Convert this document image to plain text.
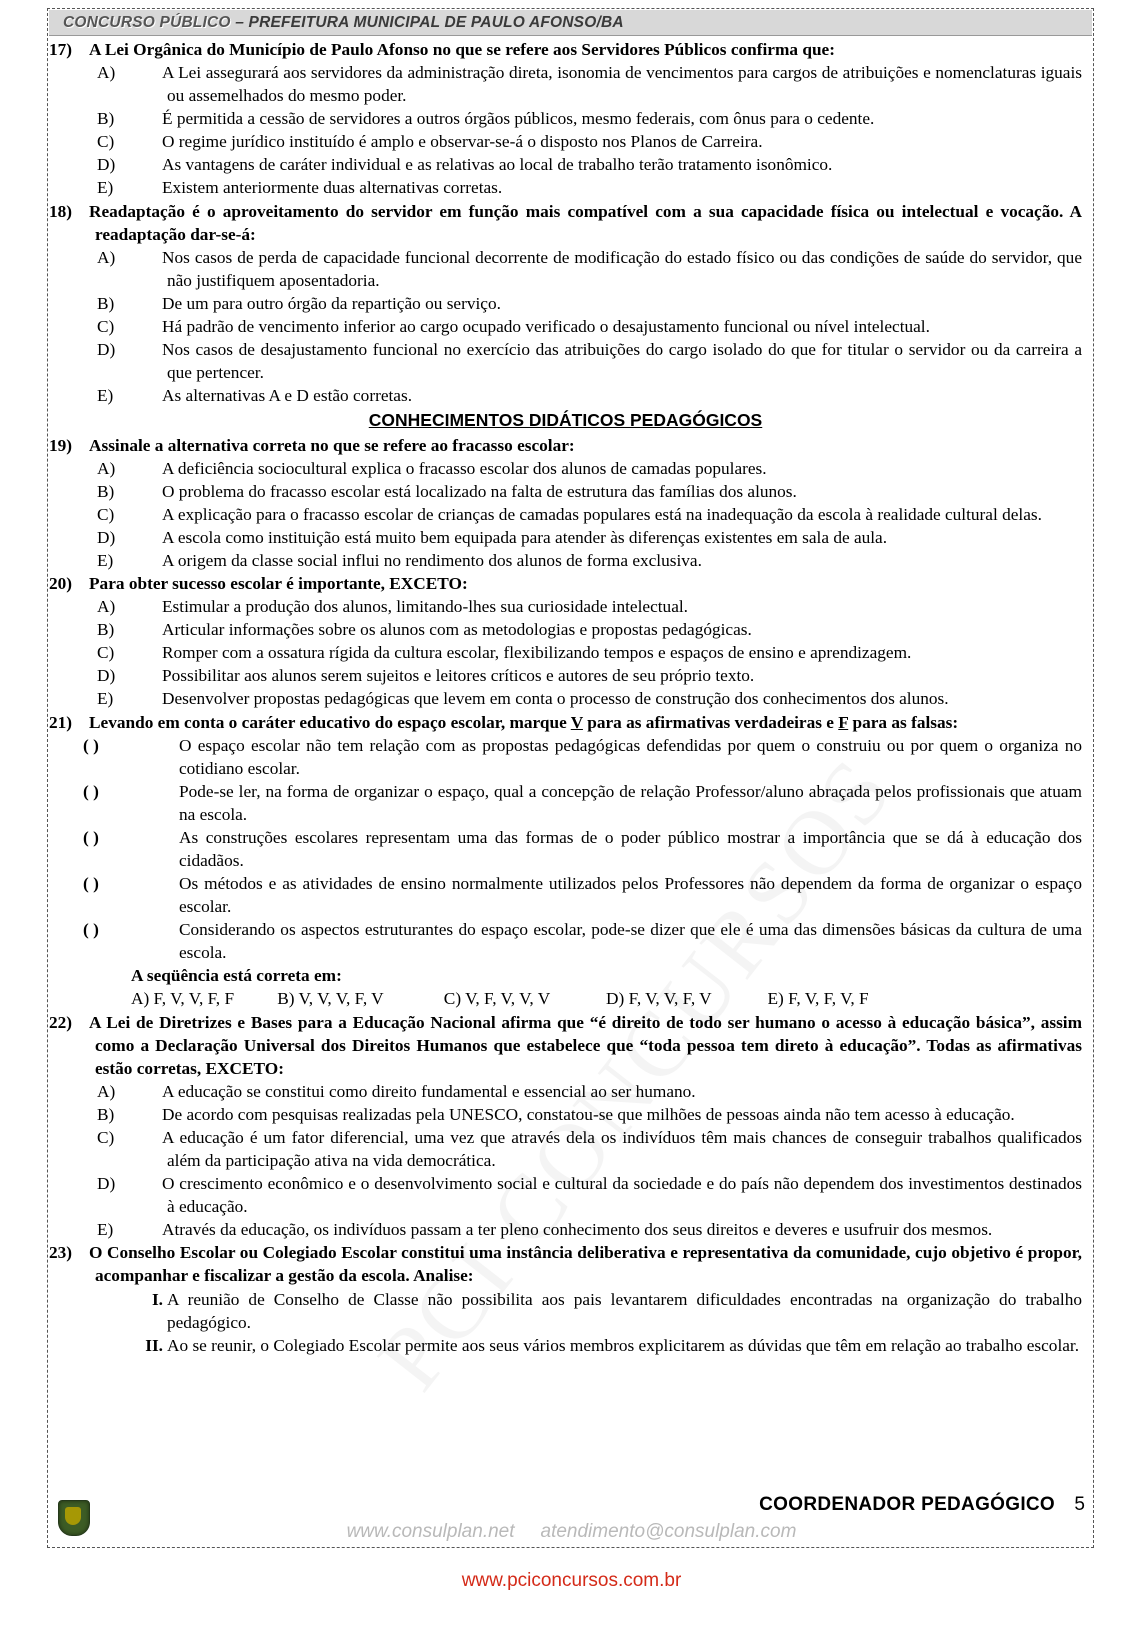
CONCURSO PÚBLICO – PREFEITURA MUNICIPAL DE PAULO AFONSO/BA

17) A Lei Orgânica do Município de Paulo Afonso no que se refere aos Servidores Públicos confirma que:

A)	A Lei assegurará aos servidores da administração direta, isonomia de vencimentos para cargos de atribuições e nomenclaturas iguais ou assemelhados do mesmo poder.

B)	É permitida a cessão de servidores a outros órgãos públicos, mesmo federais, com ônus para o cedente.

C)	O regime jurídico instituído é amplo e observar-se-á o disposto nos Planos de Carreira.

D)	As vantagens de caráter individual e as relativas ao local de trabalho terão tratamento isonômico.

E)	Existem anteriormente duas alternativas corretas.

18) Readaptação é o aproveitamento do servidor em função mais compatível com a sua capacidade física ou intelectual e vocação. A readaptação dar-se-á:

A)	Nos casos de perda de capacidade funcional decorrente de modificação do estado físico ou das condições de saúde do servidor, que não justifiquem aposentadoria.

B)	De um para outro órgão da repartição ou serviço.

C)	Há padrão de vencimento inferior ao cargo ocupado verificado o desajustamento funcional ou nível intelectual.

D)	Nos casos de desajustamento funcional no exercício das atribuições do cargo isolado do que for titular o servidor ou da carreira a que pertencer.

E)	As alternativas A e D estão corretas.

CONHECIMENTOS DIDÁTICOS PEDAGÓGICOS

19) Assinale a alternativa correta no que se refere ao fracasso escolar:

A)	A deficiência sociocultural explica o fracasso escolar dos alunos de camadas populares.

B)	O problema do fracasso escolar está localizado na falta de estrutura das famílias dos alunos.

C)	A explicação para o fracasso escolar de crianças de camadas populares está na inadequação da escola à realidade cultural delas.

D)	A escola como instituição está muito bem equipada para atender às diferenças existentes em sala de aula.

E)	A origem da classe social influi no rendimento dos alunos de forma exclusiva.

20) Para obter sucesso escolar é importante, EXCETO:

A)	Estimular a produção dos alunos, limitando-lhes sua curiosidade intelectual.

B)	Articular informações sobre os alunos com as metodologias e propostas pedagógicas.

C)	Romper com a ossatura rígida da cultura escolar, flexibilizando tempos e espaços de ensino e aprendizagem.

D)	Possibilitar aos alunos serem sujeitos e leitores críticos e autores de seu próprio texto.

E)	Desenvolver propostas pedagógicas que levem em conta o processo de construção dos conhecimentos dos alunos.

21) Levando em conta o caráter educativo do espaço escolar, marque V para as afirmativas verdadeiras e F para as falsas:

( )	O espaço escolar não tem relação com as propostas pedagógicas defendidas por quem o construiu ou por quem o organiza no cotidiano escolar.

( )	Pode-se ler, na forma de organizar o espaço, qual a concepção de relação Professor/aluno abraçada pelos profissionais que atuam na escola.

( )	As construções escolares representam uma das formas de o poder público mostrar a importância que se dá à educação dos cidadãos.

( )	Os métodos e as atividades de ensino normalmente utilizados pelos Professores não dependem da forma de organizar o espaço escolar.

( )	Considerando os aspectos estruturantes do espaço escolar, pode-se dizer que ele é uma das dimensões básicas da cultura de uma escola.

A seqüência está correta em:

A) F, V, V, F, F          B) V, V, V, F, V              C) V, F, V, V, V             D) F, V, V, F, V             E) F, V, F, V, F

22) A Lei de Diretrizes e Bases para a Educação Nacional afirma que “é direito de todo ser humano o acesso à educação básica”, assim como a Declaração Universal dos Direitos Humanos que estabelece que “toda pessoa tem direto à educação”. Todas as afirmativas estão corretas, EXCETO:

A)	A educação se constitui como direito fundamental e essencial ao ser humano.

B)	De acordo com pesquisas realizadas pela UNESCO, constatou-se que milhões de pessoas ainda não tem acesso à educação.

C)	A educação é um fator diferencial, uma vez que através dela os indivíduos têm mais chances de conseguir trabalhos qualificados além da participação ativa na vida democrática.

D)	O crescimento econômico e o desenvolvimento social e cultural da sociedade e do país não dependem dos investimentos destinados à educação.

E)	Através da educação, os indivíduos passam a ter pleno conhecimento dos seus direitos e deveres e usufruir dos mesmos.

23) O Conselho Escolar ou Colegiado Escolar constitui uma instância deliberativa e representativa da comunidade, cujo objetivo é propor, acompanhar e fiscalizar a gestão da escola. Analise:

I. A reunião de Conselho de Classe não possibilita aos pais levantarem dificuldades encontradas na organização do trabalho pedagógico.

II. Ao se reunir, o Colegiado Escolar permite aos seus vários membros explicitarem as dúvidas que têm em relação ao trabalho escolar.

COORDENADOR PEDAGÓGICO 5
www.consulplan.net atendimento@consulplan.com
www.pciconcursos.com.br
